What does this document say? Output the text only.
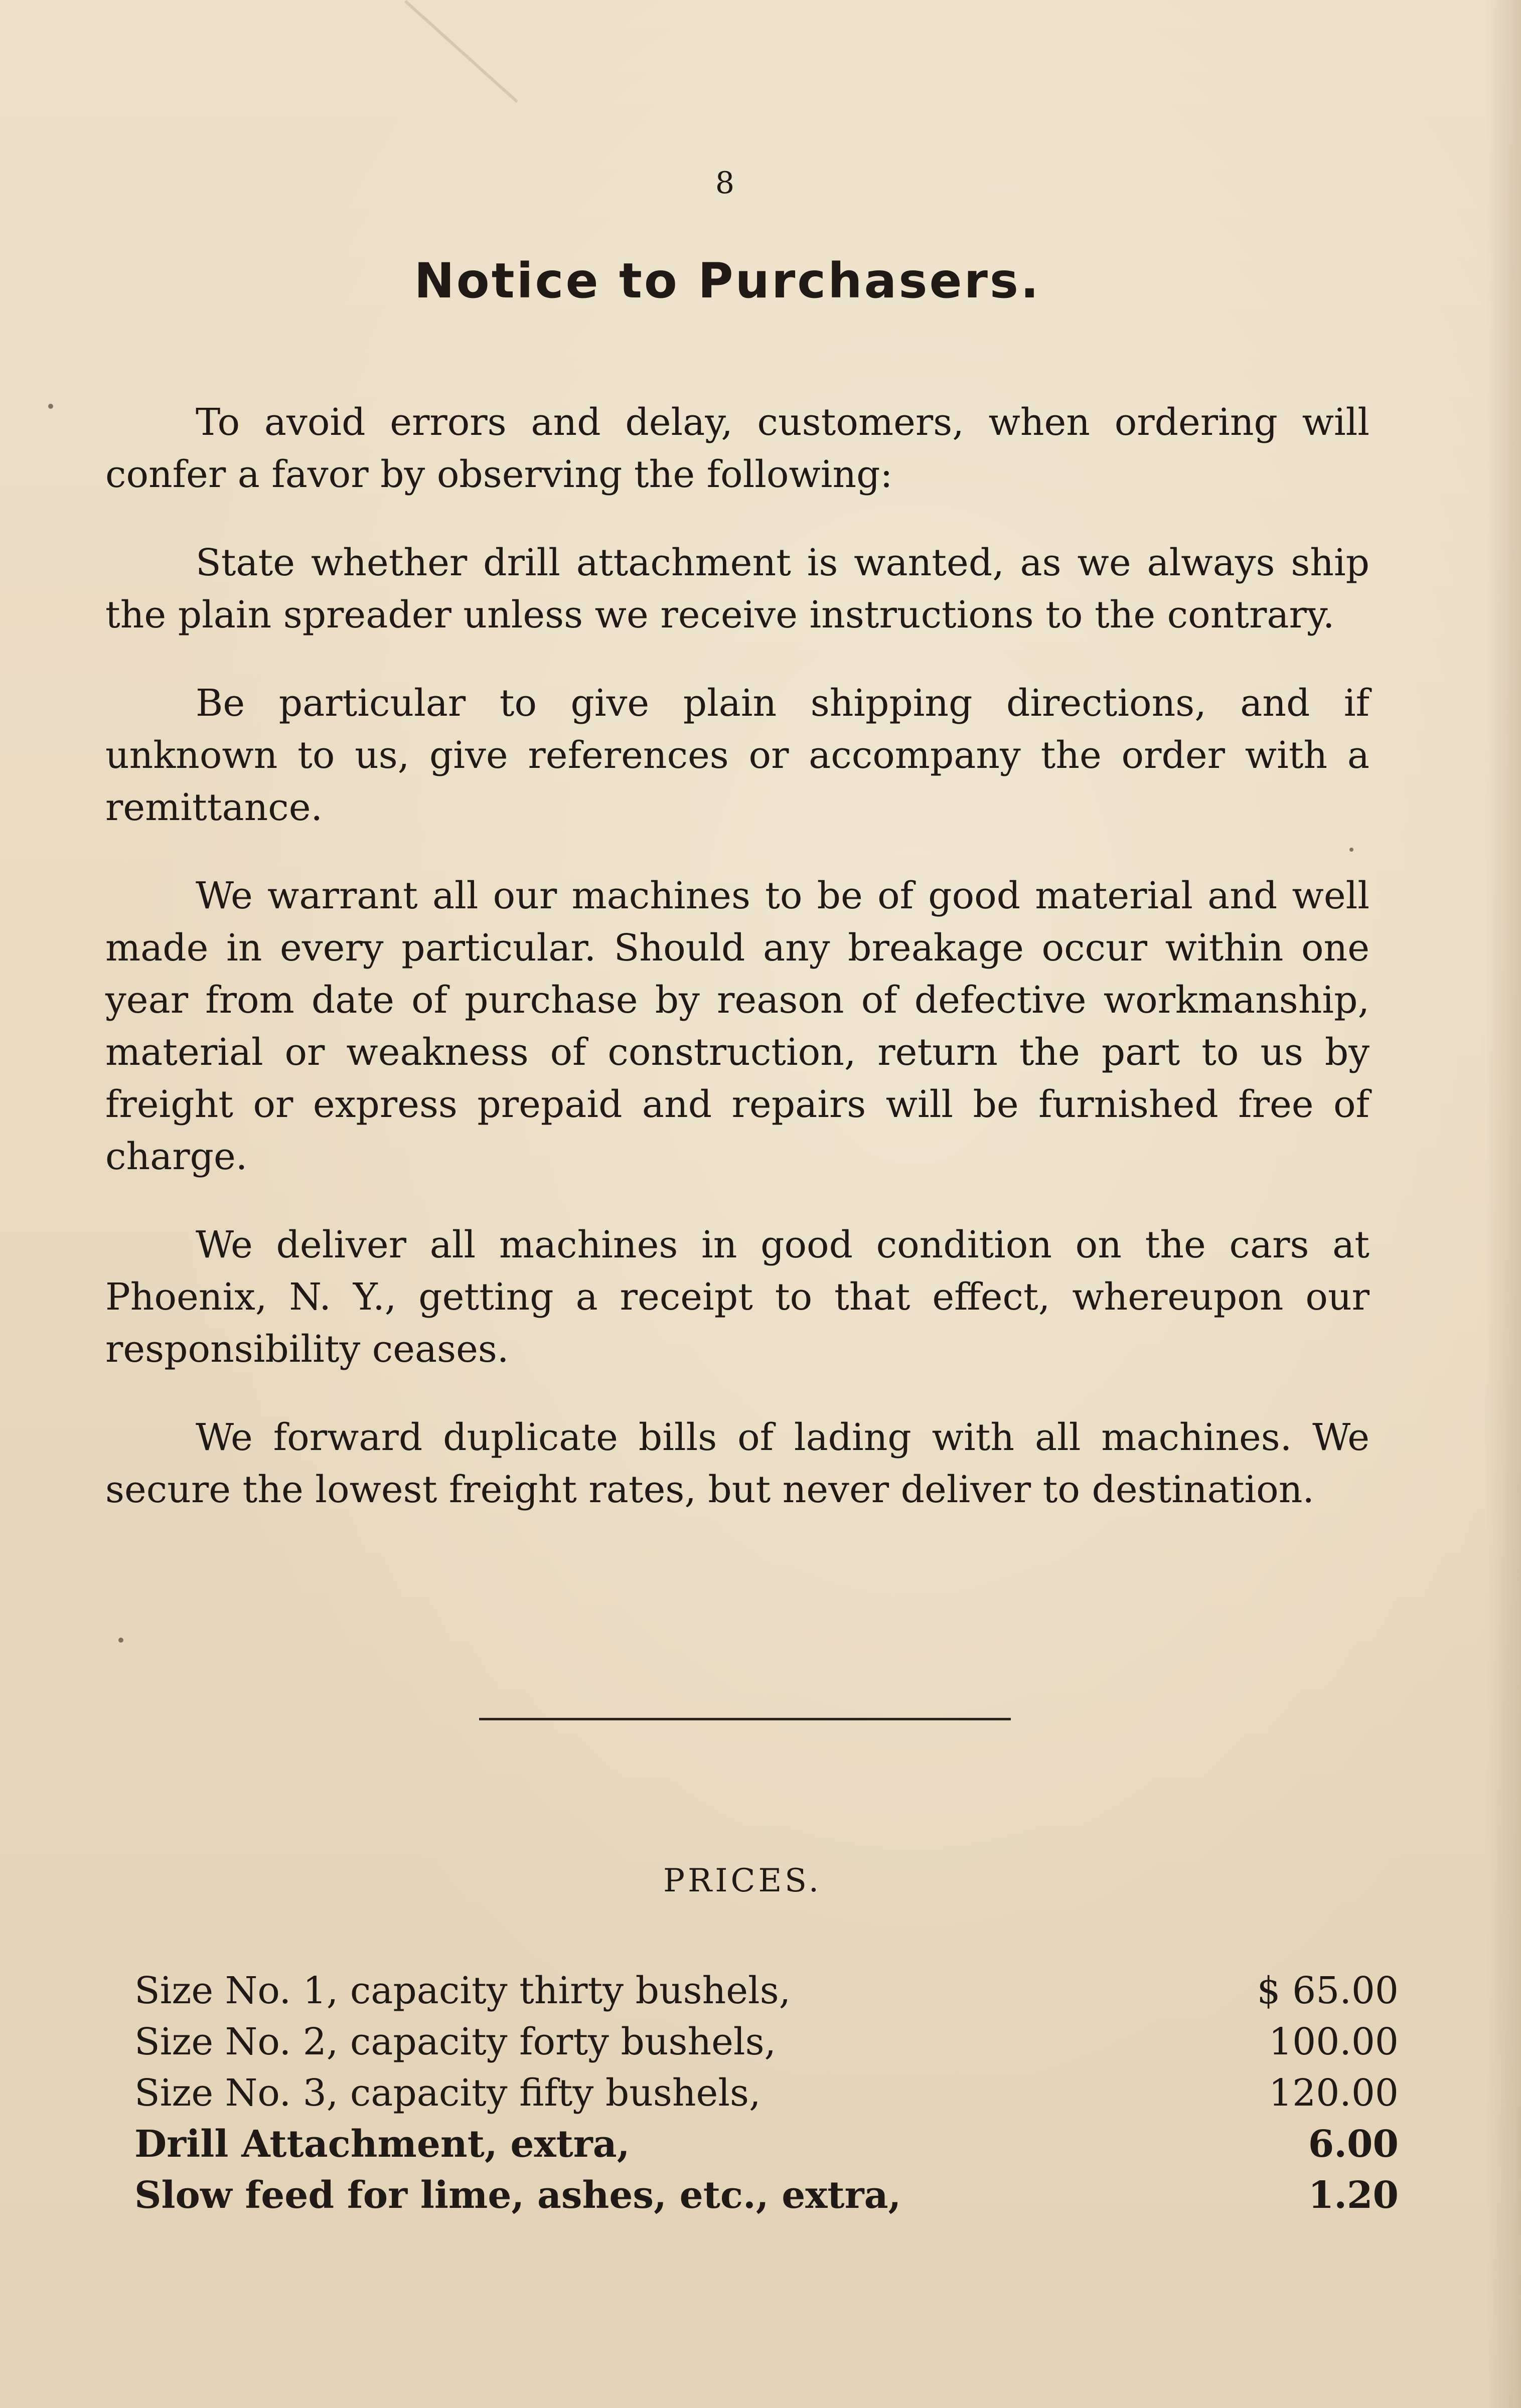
8
Notice to Purchasers.

To avoid errors and delay, customers, when ordering will confer a favor by observing the following:

State whether drill attachment is wanted, as we always ship the plain spreader unless we receive instructions to the contrary.

Be particular to give plain shipping directions, and if unknown to us, give references or accompany the order with a remittance.

We warrant all our machines to be of good material and well made in every particular. Should any breakage occur within one year from date of purchase by reason of defective workmanship, material or weakness of construction, return the part to us by freight or express prepaid and repairs will be furnished free of charge.

We deliver all machines in good condition on the cars at Phoenix, N. Y., getting a receipt to that effect, whereupon our responsibility ceases.

We forward duplicate bills of lading with all machines. We secure the lowest freight rates, but never deliver to destination.

PRICES.
Size No. 1, capacity thirty bushels,	$ 65.00
Size No. 2, capacity forty bushels,	100.00
Size No. 3, capacity fifty bushels,	120.00
Drill Attachment, extra,	6.00
Slow feed for lime, ashes, etc., extra,	1.20
